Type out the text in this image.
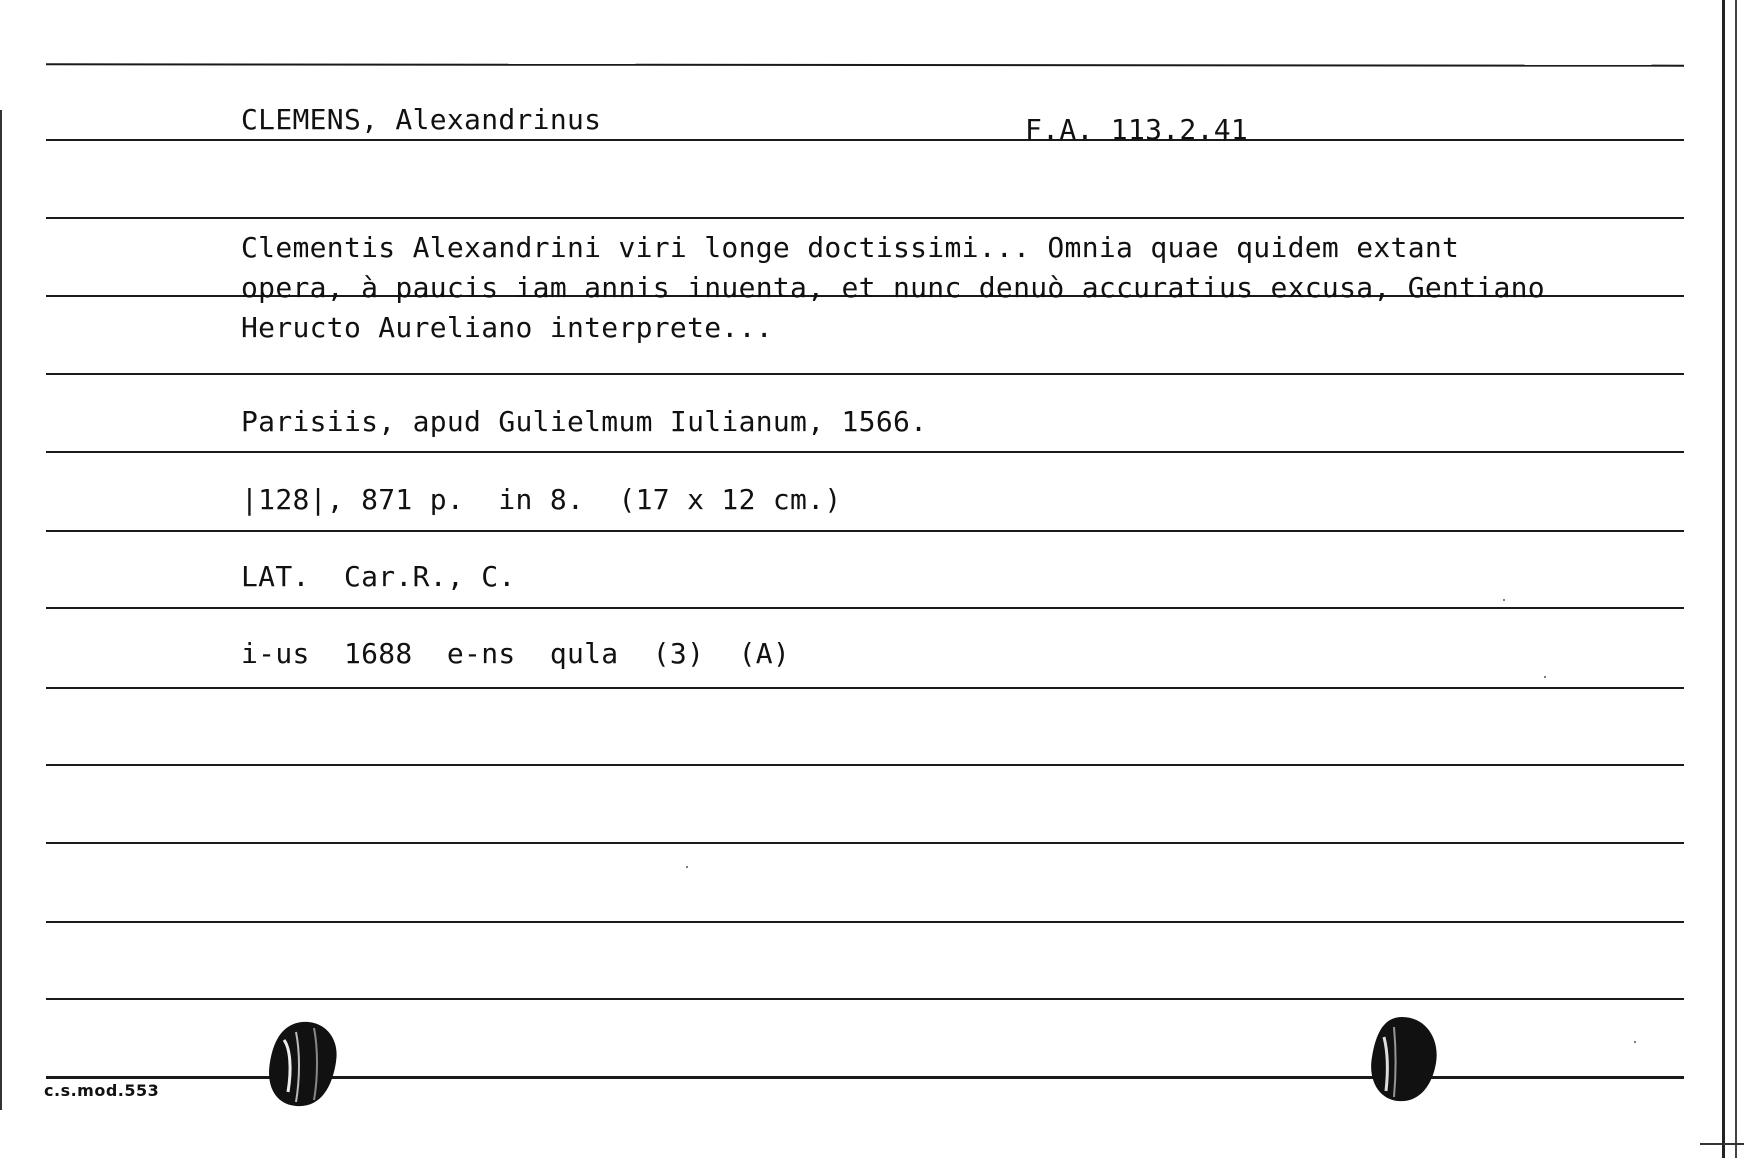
CLEMENS, Alexandrinus	F.A. 113.2.41
Clementis Alexandrini viri longe doctissimi... Omnia quae quidem extant
opera, à paucis iam annis inuenta, et nunc denuò accuratius excusa, Gentiano
Heructo Aureliano interprete...
Parisiis, apud Gulielmum Iulianum, 1566.
|128|, 871 p.  in 8.  (17 x 12 cm.)
LAT.  Car.R., C.
i-us  1688  e-ns  qula  (3)  (A)
c.s.mod.553
